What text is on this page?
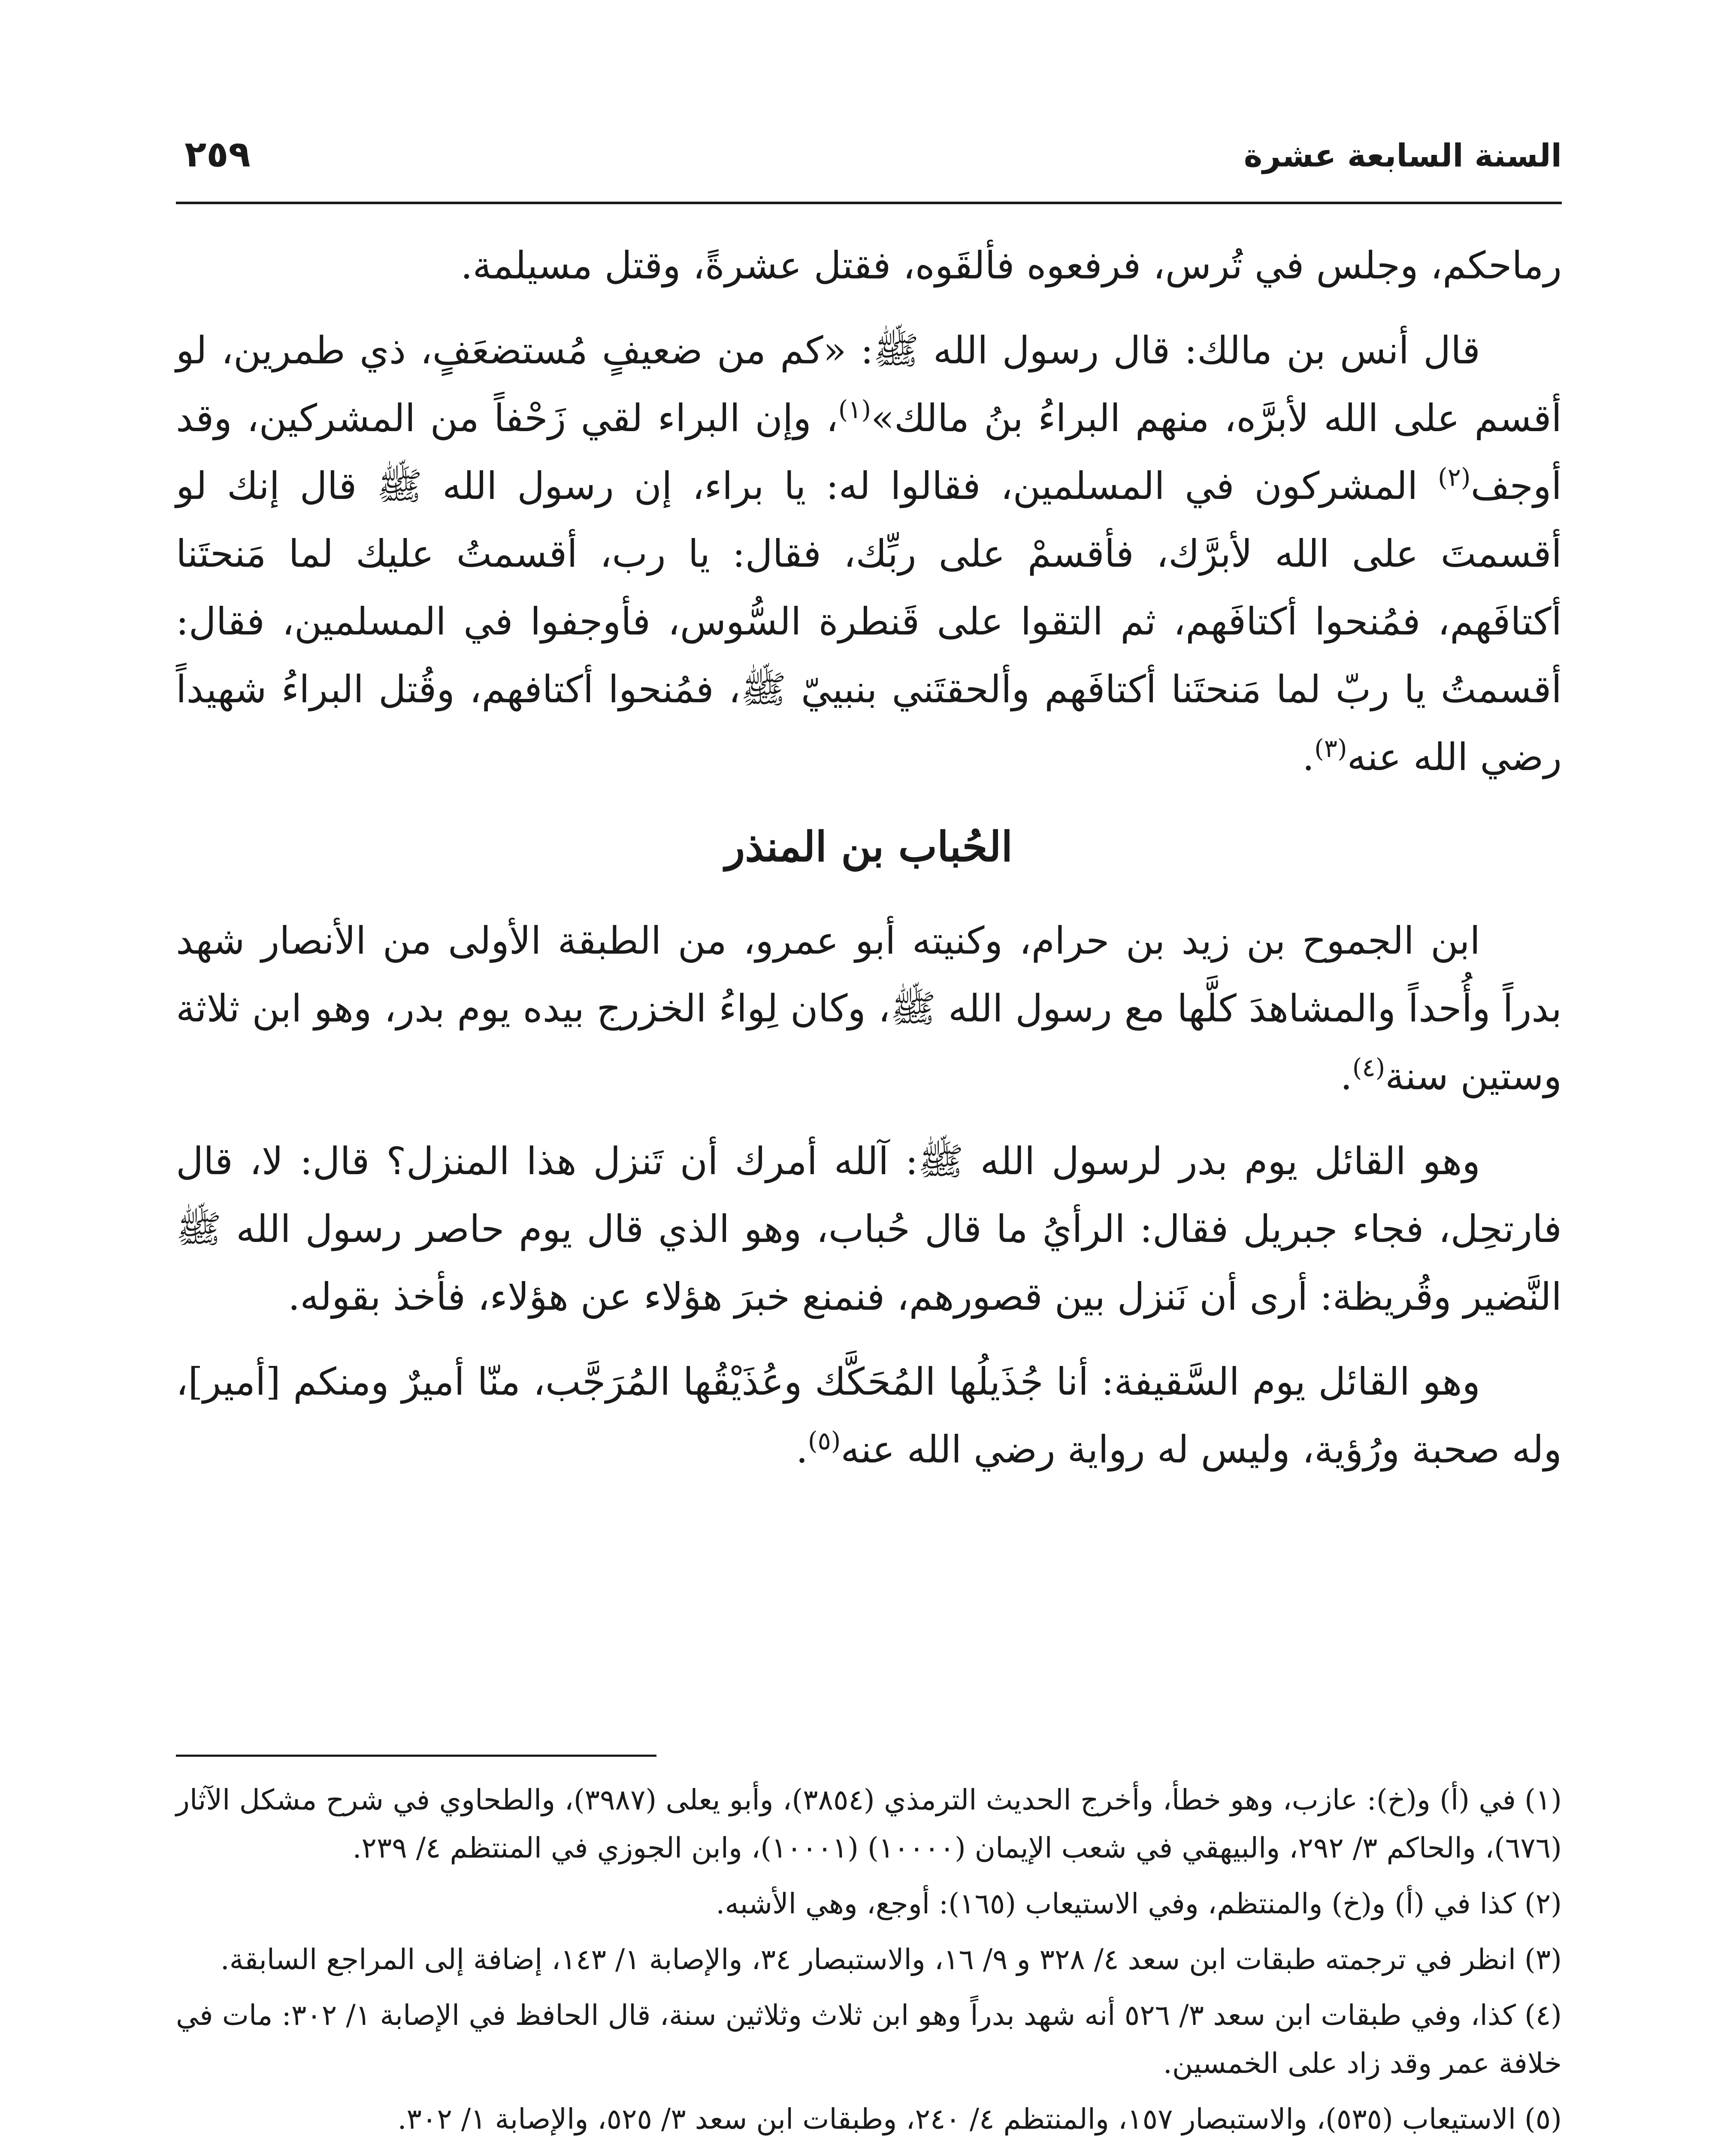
السنة السابعة عشرة
٢٥٩

رماحكم، وجلس في تُرس، فرفعوه فألقَوه، فقتل عشرةً، وقتل مسيلمة.

قال أنس بن مالك: قال رسول الله ﷺ: «كم من ضعيفٍ مُستضعَفٍ، ذي طمرين، لو أقسم على الله لأبرَّه، منهم البراءُ بنُ مالك»$^{(١)}$، وإن البراء لقي زَحْفاً من المشركين، وقد أوجف$^{(٢)}$ المشركون في المسلمين، فقالوا له: يا براء، إن رسول الله ﷺ قال إنك لو أقسمتَ على الله لأبرَّك، فأقسمْ على ربِّك، فقال: يا رب، أقسمتُ عليك لما مَنحتَنا أكتافَهم، فمُنحوا أكتافَهم، ثم التقوا على قَنطرة السُّوس، فأوجفوا في المسلمين، فقال: أقسمتُ يا ربّ لما مَنحتَنا أكتافَهم وألحقتَني بنبييّ ﷺ، فمُنحوا أكتافهم، وقُتل البراءُ شهيداً رضي الله عنه$^{(٣)}$.

الحُباب بن المنذر

ابن الجموح بن زيد بن حرام، وكنيته أبو عمرو، من الطبقة الأولى من الأنصار شهد بدراً وأُحداً والمشاهدَ كلَّها مع رسول الله ﷺ، وكان لِواءُ الخزرج بيده يوم بدر، وهو ابن ثلاثة وستين سنة$^{(٤)}$.

وهو القائل يوم بدر لرسول الله ﷺ: آلله أمرك أن تَنزل هذا المنزل؟ قال: لا، قال فارتحِل، فجاء جبريل فقال: الرأيُ ما قال حُباب، وهو الذي قال يوم حاصر رسول الله ﷺ النَّضير وقُريظة: أرى أن نَنزل بين قصورهم، فنمنع خبرَ هؤلاء عن هؤلاء، فأخذ بقوله.

وهو القائل يوم السَّقيفة: أنا جُذَيلُها المُحَكَّك وعُذَيْقُها المُرَجَّب، منّا أميرٌ ومنكم [أمير]، وله صحبة ورُؤية، وليس له رواية رضي الله عنه$^{(٥)}$.

(١)في (أ) و(خ): عازب، وهو خطأ، وأخرج الحديث الترمذي (٣٨٥٤)، وأبو يعلى (٣٩٨٧)، والطحاوي في شرح مشكل الآثار (٦٧٦)، والحاكم ٣/ ٢٩٢، والبيهقي في شعب الإيمان (١٠٠٠٠) (١٠٠٠١)، وابن الجوزي في المنتظم ٤/ ٢٣٩.
(٢)كذا في (أ) و(خ) والمنتظم، وفي الاستيعاب (١٦٥): أوجع، وهي الأشبه.
(٣)انظر في ترجمته طبقات ابن سعد ٤/ ٣٢٨ و ٩/ ١٦، والاستبصار ٣٤، والإصابة ١/ ١٤٣، إضافة إلى المراجع السابقة.
(٤)كذا، وفي طبقات ابن سعد ٣/ ٥٢٦ أنه شهد بدراً وهو ابن ثلاث وثلاثين سنة، قال الحافظ في الإصابة ١/ ٣٠٢: مات في خلافة عمر وقد زاد على الخمسين.
(٥)الاستيعاب (٥٣٥)، والاستبصار ١٥٧، والمنتظم ٤/ ٢٤٠، وطبقات ابن سعد ٣/ ٥٢٥، والإصابة ١/ ٣٠٢.
